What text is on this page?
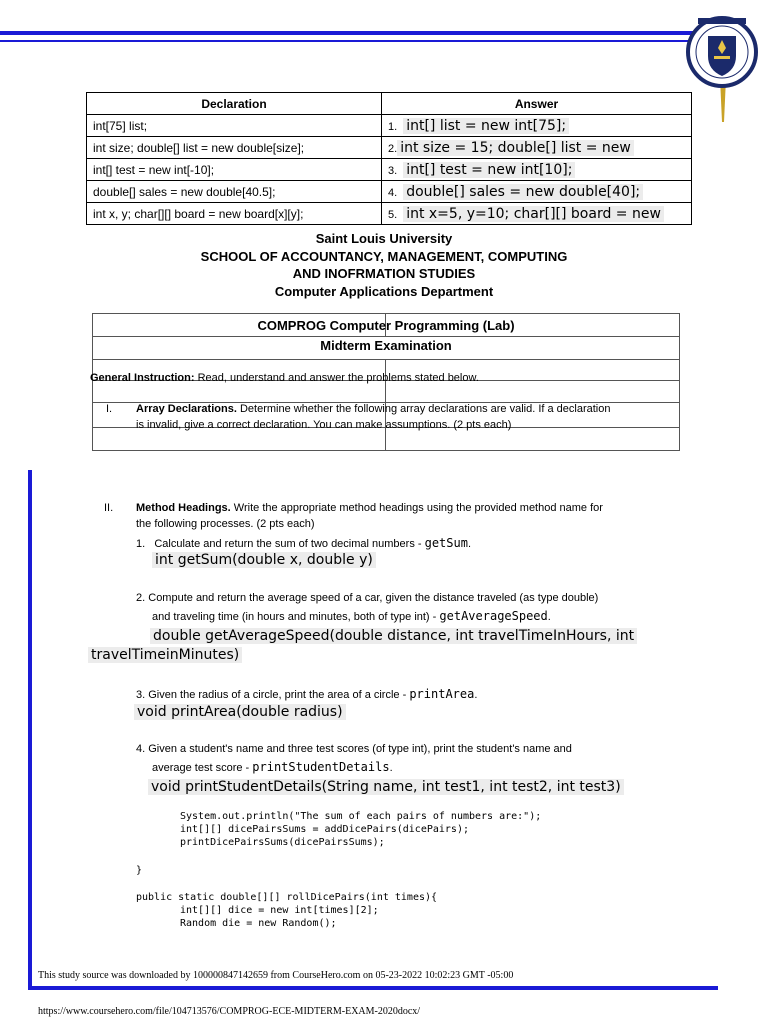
Declaration	Answer
int[75] list;	1. int[] list = new int[75];
int size; double[] list = new double[size];	2. int size = 15; double[] list = new
int[] test = new int[-10];	3. int[] test = new int[10];
double[] sales = new double[40.5];	4. double[] sales = new double[40];
int x, y; char[][] board = new board[x][y];	5. int x=5, y=10; char[][] board = new
Saint Louis University
SCHOOL OF ACCOUNTANCY, MANAGEMENT, COMPUTING
AND INOFRMATION STUDIES
Computer Applications Department
COMPROG Computer Programming (Lab)
Midterm Examination
General Instruction: Read, understand and answer the problems stated below.
I.	Array Declarations. Determine whether the following array declarations are valid. If a declaration
is invalid, give a correct declaration. You can make assumptions. (2 pts each)
II. Method Headings. Write the appropriate method headings using the provided method name for
the following processes. (2 pts each)
1. Calculate and return the sum of two decimal numbers - getSum.
int getSum(double x, double y)
2. Compute and return the average speed of a car, given the distance traveled (as type double)
and traveling time (in hours and minutes, both of type int) - getAverageSpeed.
double getAverageSpeed(double distance, int travelTimeInHours, int
travelTimeinMinutes)
3. Given the radius of a circle, print the area of a circle - printArea.
void printArea(double radius)
4. Given a student's name and three test scores (of type int), print the student's name and
average test score - printStudentDetails.
void printStudentDetails(String name, int test1, int test2, int test3)
System.out.println("The sum of each pairs of numbers are:");
int[][] dicePairsSums = addDicePairs(dicePairs);
printDicePairsSums(dicePairsSums);
}
public static double[][] rollDicePairs(int times){
int[][] dice = new int[times][2];
Random die = new Random();
This study source was downloaded by 100000847142659 from CourseHero.com on 05-23-2022 10:02:23 GMT -05:00
https://www.coursehero.com/file/104713576/COMPROG-ECE-MIDTERM-EXAM-2020docx/
